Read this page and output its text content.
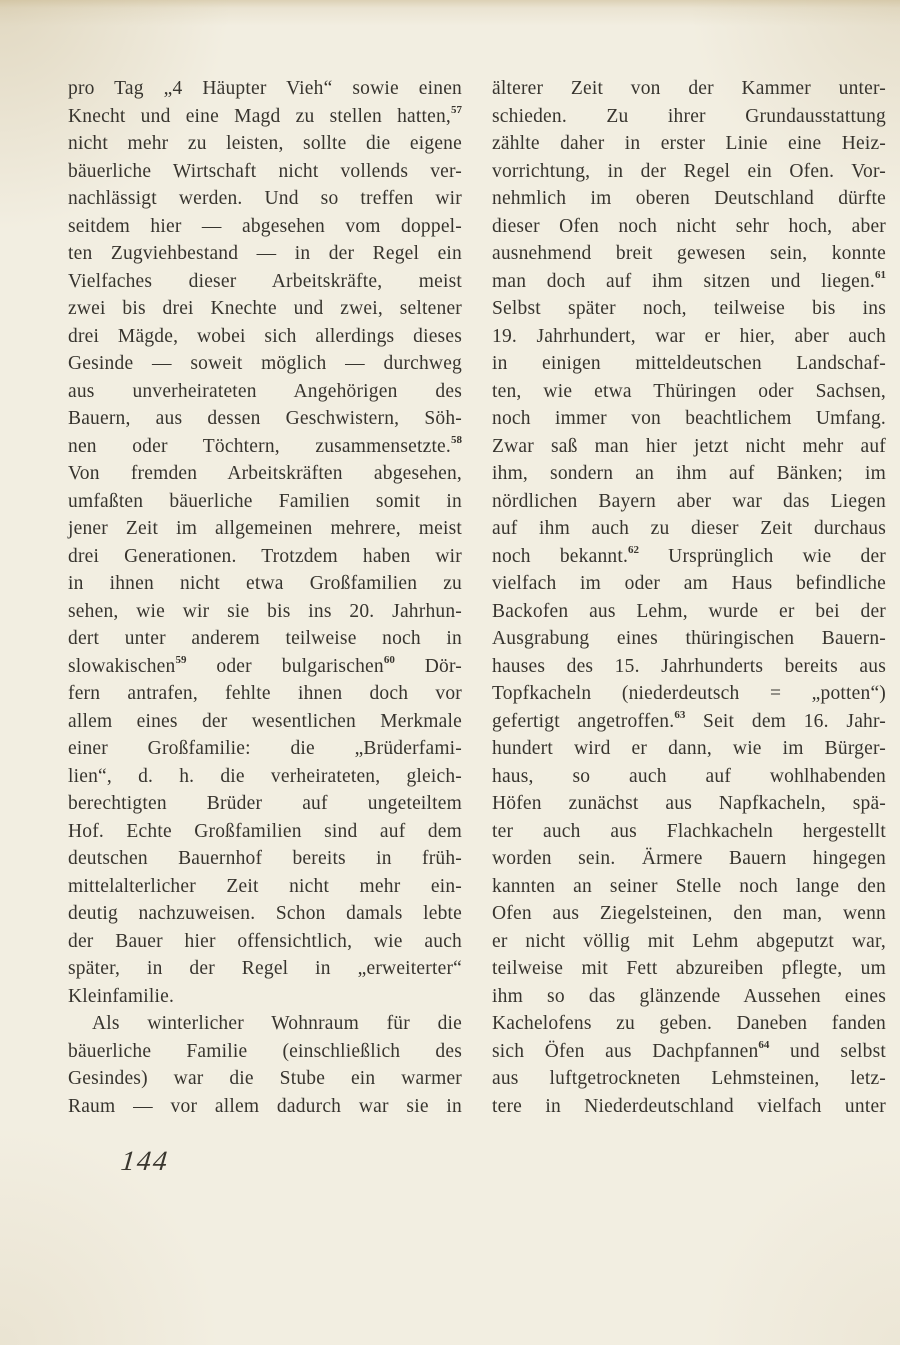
pro Tag „4 Häupter Vieh“ sowie einen
Knecht und eine Magd zu stellen hatten,$^{57}$
nicht mehr zu leisten, sollte die eigene
bäuerliche Wirtschaft nicht vollends ver-
nachlässigt werden. Und so treffen wir
seitdem hier — abgesehen vom doppel-
ten Zugviehbestand — in der Regel ein
Vielfaches dieser Arbeitskräfte, meist
zwei bis drei Knechte und zwei, seltener
drei Mägde, wobei sich allerdings dieses
Gesinde — soweit möglich — durchweg
aus unverheirateten Angehörigen des
Bauern, aus dessen Geschwistern, Söh-
nen oder Töchtern, zusammensetzte.$^{58}$
Von fremden Arbeitskräften abgesehen,
umfaßten bäuerliche Familien somit in
jener Zeit im allgemeinen mehrere, meist
drei Generationen. Trotzdem haben wir
in ihnen nicht etwa Großfamilien zu
sehen, wie wir sie bis ins 20. Jahrhun-
dert unter anderem teilweise noch in
slowakischen$^{59}$ oder bulgarischen$^{60}$ Dör-
fern antrafen, fehlte ihnen doch vor
allem eines der wesentlichen Merkmale
einer Großfamilie: die „Brüderfami-
lien“, d. h. die verheirateten, gleich-
berechtigten Brüder auf ungeteiltem
Hof. Echte Großfamilien sind auf dem
deutschen Bauernhof bereits in früh-
mittelalterlicher Zeit nicht mehr ein-
deutig nachzuweisen. Schon damals lebte
der Bauer hier offensichtlich, wie auch
später, in der Regel in „erweiterter“
Kleinfamilie.
Als winterlicher Wohnraum für die
bäuerliche Familie (einschließlich des
Gesindes) war die Stube ein warmer
Raum — vor allem dadurch war sie in
älterer Zeit von der Kammer unter-
schieden. Zu ihrer Grundausstattung
zählte daher in erster Linie eine Heiz-
vorrichtung, in der Regel ein Ofen. Vor-
nehmlich im oberen Deutschland dürfte
dieser Ofen noch nicht sehr hoch, aber
ausnehmend breit gewesen sein, konnte
man doch auf ihm sitzen und liegen.$^{61}$
Selbst später noch, teilweise bis ins
19. Jahrhundert, war er hier, aber auch
in einigen mitteldeutschen Landschaf-
ten, wie etwa Thüringen oder Sachsen,
noch immer von beachtlichem Umfang.
Zwar saß man hier jetzt nicht mehr auf
ihm, sondern an ihm auf Bänken; im
nördlichen Bayern aber war das Liegen
auf ihm auch zu dieser Zeit durchaus
noch bekannt.$^{62}$ Ursprünglich wie der
vielfach im oder am Haus befindliche
Backofen aus Lehm, wurde er bei der
Ausgrabung eines thüringischen Bauern-
hauses des 15. Jahrhunderts bereits aus
Topfkacheln (niederdeutsch = „potten“)
gefertigt angetroffen.$^{63}$ Seit dem 16. Jahr-
hundert wird er dann, wie im Bürger-
haus, so auch auf wohlhabenden
Höfen zunächst aus Napfkacheln, spä-
ter auch aus Flachkacheln hergestellt
worden sein. Ärmere Bauern hingegen
kannten an seiner Stelle noch lange den
Ofen aus Ziegelsteinen, den man, wenn
er nicht völlig mit Lehm abgeputzt war,
teilweise mit Fett abzureiben pflegte, um
ihm so das glänzende Aussehen eines
Kachelofens zu geben. Daneben fanden
sich Öfen aus Dachpfannen$^{64}$ und selbst
aus luftgetrockneten Lehmsteinen, letz-
tere in Niederdeutschland vielfach unter
144
